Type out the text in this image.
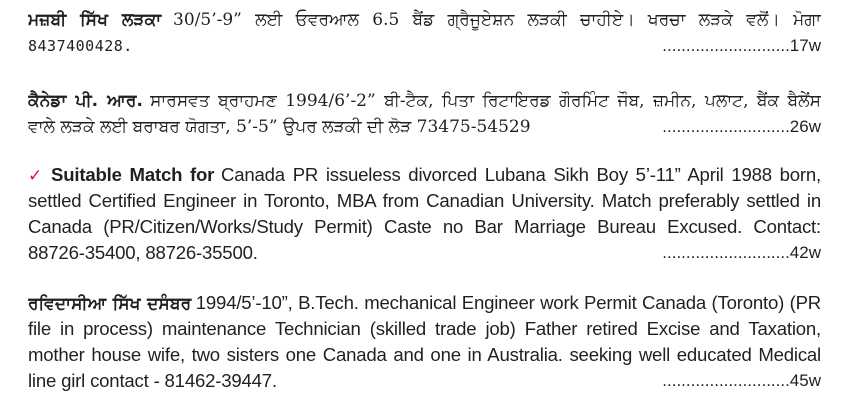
ਮਜ਼ਬੀ ਸਿੱਖ ਲੜਕਾ 30/5’-9” ਲਈ ਓਵਰਆਲ 6.5 ਬੈਂਡ ਗ੍ਰੈਜੂਏਸ਼ਨ ਲੜਕੀ ਚਾਹੀਏ। ਖਰਚਾ ਲੜਕੇ ਵਲੋਂ। ਮੋਗਾ
8437400428.	...........................17w
ਕੈਨੇਡਾ ਪੀ. ਆਰ. ਸਾਰਸਵਤ ਬ੍ਰਾਹਮਣ 1994/6’-2” ਬੀ-ਟੈਕ, ਪਿਤਾ ਰਿਟਾਇਰਡ ਗੌਰਮਿੰਟ ਜੌਬ, ਜ਼ਮੀਨ, ਪਲਾਟ, ਬੈਂਕ ਬੈਲੇਂਸ
ਵਾਲੇ ਲੜਕੇ ਲਈ ਬਰਾਬਰ ਯੋਗਤਾ, 5’-5” ਉਪਰ ਲੜਕੀ ਦੀ ਲੋੜ 73475-54529	...........................26w
✓ Suitable Match for Canada PR issueless divorced Lubana Sikh Boy 5’-11” April 1988 born,
settled Certified Engineer in Toronto, MBA from Canadian University. Match preferably settled in
Canada (PR/Citizen/Works/Study Permit) Caste no Bar Marriage Bureau Excused. Contact:
88726-35400, 88726-35500.	...........................42w
ਰਵਿਦਾਸੀਆ ਸਿੱਖ ਦਸੰਬਰ 1994/5’-10”, B.Tech. mechanical Engineer work Permit Canada (Toronto) (PR
file in process) maintenance Technician (skilled trade job) Father retired Excise and Taxation,
mother house wife, two sisters one Canada and one in Australia. seeking well educated Medical
line girl contact - 81462-39447.	...........................45w
